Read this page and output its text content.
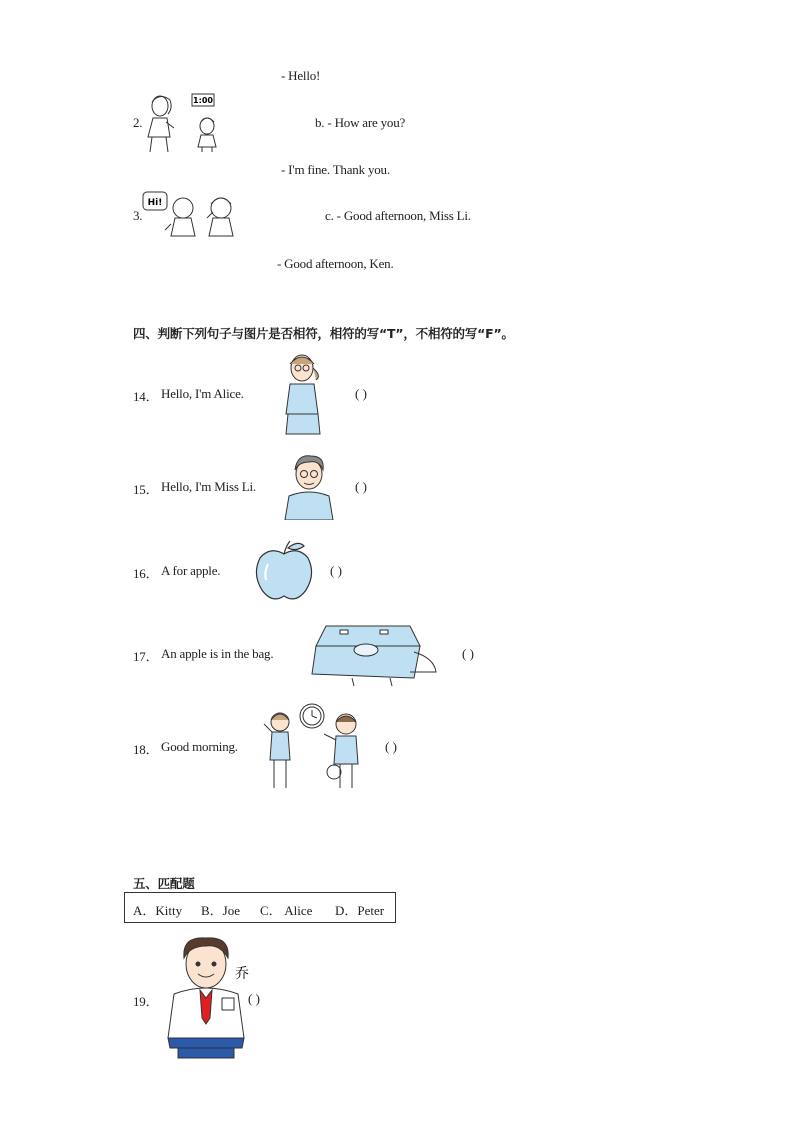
- Hello!
2.
1:00
b. - How are you?
- I'm fine. Thank you.
3.
Hi!
c. - Good afternoon, Miss Li.
- Good afternoon, Ken.
四、判断下列句子与图片是否相符，相符的写“T”，不相符的写“F”。
14． Hello, I'm Alice.	( )
15． Hello, I'm Miss Li.	( )
16． A for apple.	( )
17． An apple is in the bag.	( )
18． Good morning.	( )
五、匹配题
A．Kitty B．Joe C． Alice D．Peter
19．
乔
( )
